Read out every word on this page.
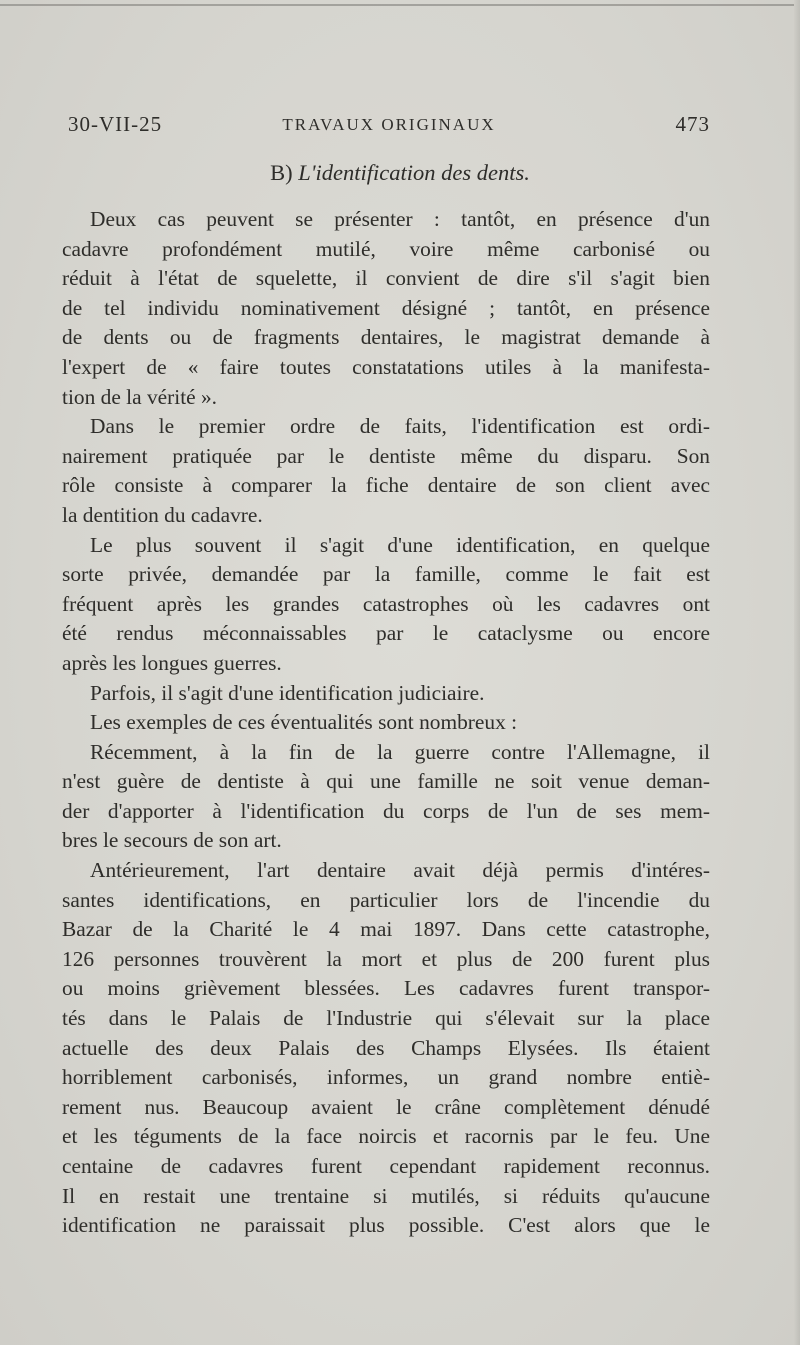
30-VII-25	TRAVAUX ORIGINAUX	473
B) L'identification des dents.
Deux cas peuvent se présenter : tantôt, en présence d'un
cadavre profondément mutilé, voire même carbonisé ou
réduit à l'état de squelette, il convient de dire s'il s'agit bien
de tel individu nominativement désigné ; tantôt, en présence
de dents ou de fragments dentaires, le magistrat demande à
l'expert de « faire toutes constatations utiles à la manifesta-
tion de la vérité ».
Dans le premier ordre de faits, l'identification est ordi-
nairement pratiquée par le dentiste même du disparu. Son
rôle consiste à comparer la fiche dentaire de son client avec
la dentition du cadavre.
Le plus souvent il s'agit d'une identification, en quelque
sorte privée, demandée par la famille, comme le fait est
fréquent après les grandes catastrophes où les cadavres ont
été rendus méconnaissables par le cataclysme ou encore
après les longues guerres.
Parfois, il s'agit d'une identification judiciaire.
Les exemples de ces éventualités sont nombreux :
Récemment, à la fin de la guerre contre l'Allemagne, il
n'est guère de dentiste à qui une famille ne soit venue deman-
der d'apporter à l'identification du corps de l'un de ses mem-
bres le secours de son art.
Antérieurement, l'art dentaire avait déjà permis d'intéres-
santes identifications, en particulier lors de l'incendie du
Bazar de la Charité le 4 mai 1897. Dans cette catastrophe,
126 personnes trouvèrent la mort et plus de 200 furent plus
ou moins grièvement blessées. Les cadavres furent transpor-
tés dans le Palais de l'Industrie qui s'élevait sur la place
actuelle des deux Palais des Champs Elysées. Ils étaient
horriblement carbonisés, informes, un grand nombre entiè-
rement nus. Beaucoup avaient le crâne complètement dénudé
et les téguments de la face noircis et racornis par le feu. Une
centaine de cadavres furent cependant rapidement reconnus.
Il en restait une trentaine si mutilés, si réduits qu'aucune
identification ne paraissait plus possible. C'est alors que le
